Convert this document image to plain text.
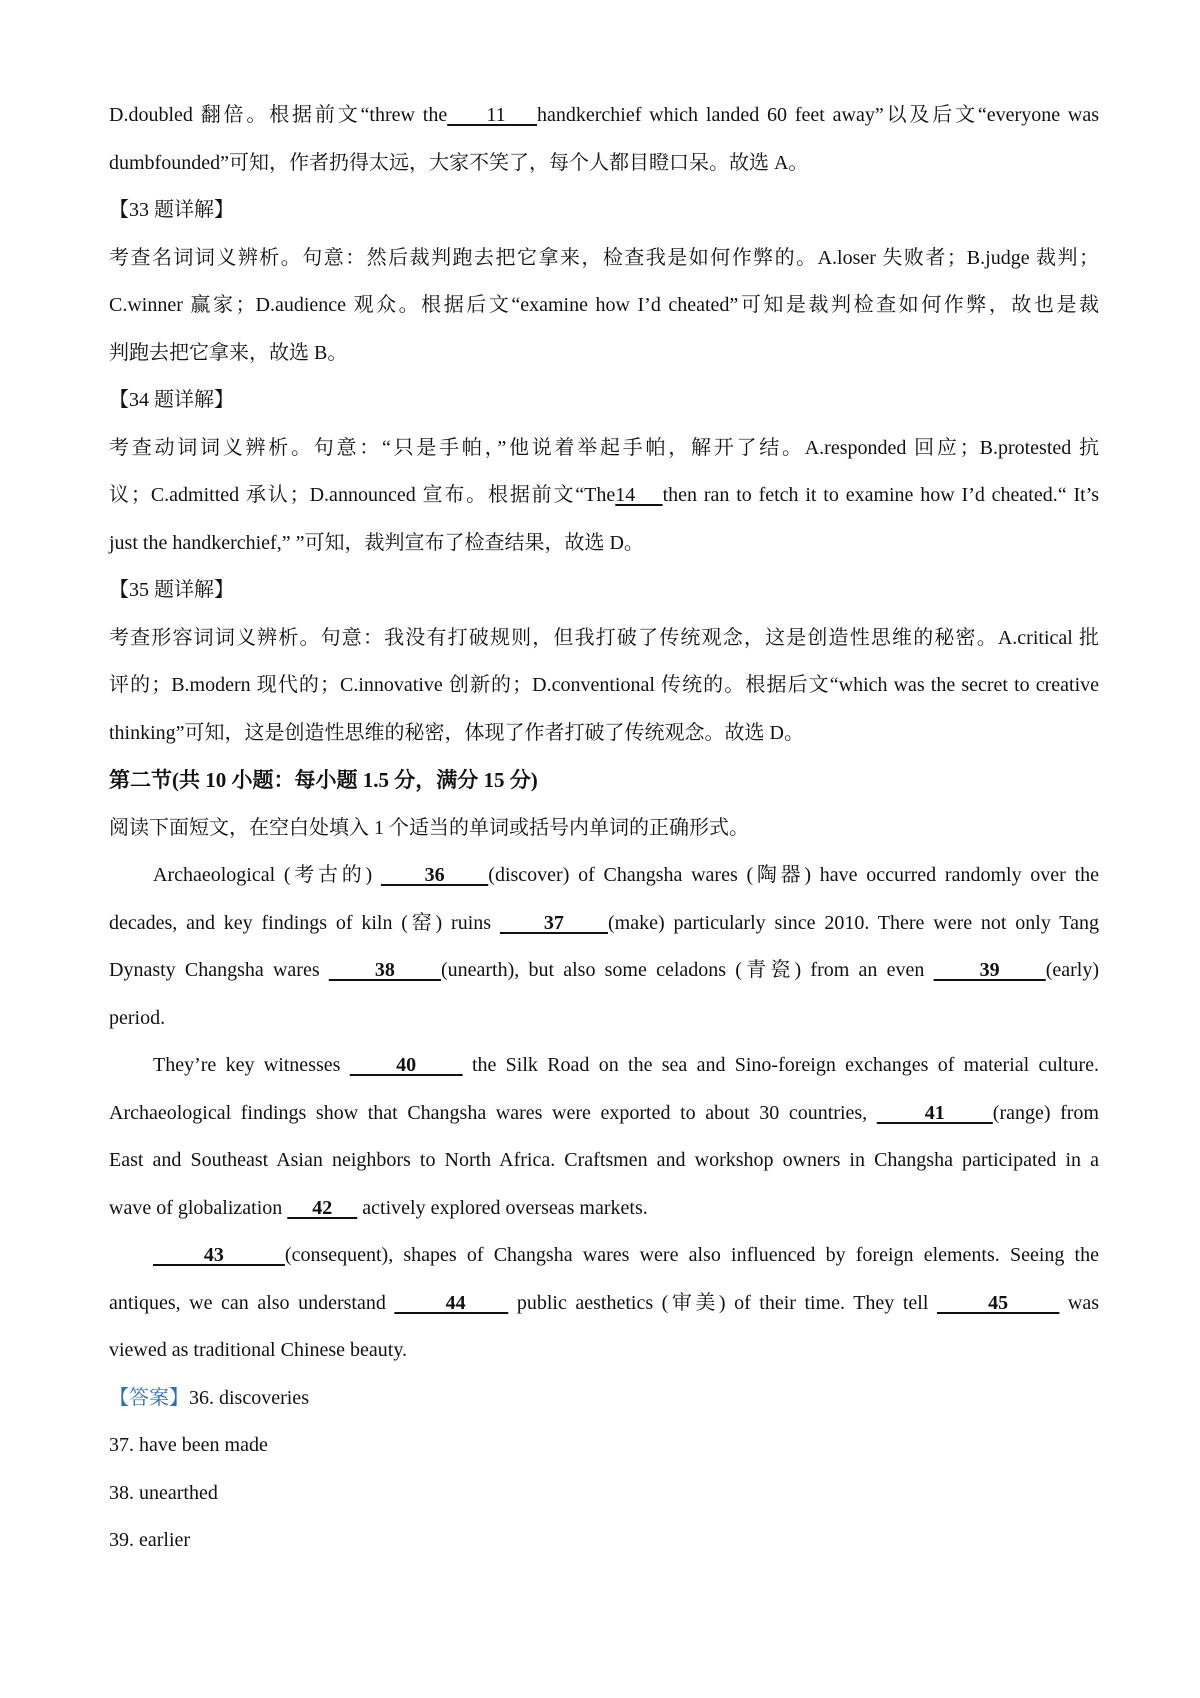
D.doubled 翻倍。根据前文“threw the     11    handkerchief which landed 60 feet away”以及后文“everyone was
dumbfounded”可知，作者扔得太远，大家不笑了，每个人都目瞪口呆。故选 A。
【33 题详解】
考查名词词义辨析。句意：然后裁判跑去把它拿来，检查我是如何作弊的。A.loser 失败者；B.judge 裁判；
C.winner 赢家；D.audience 观众。根据后文“examine how I’d cheated”可知是裁判检查如何作弊，故也是裁
判跑去把它拿来，故选 B。
【34 题详解】
考查动词词义辨析。句意：“只是手帕，”他说着举起手帕，解开了结。A.responded 回应；B.protested 抗
议；C.admitted 承认；D.announced 宣布。根据前文“The14    then ran to fetch it to examine how I’d cheated.“ It’s
just the handkerchief,” ”可知，裁判宣布了检查结果，故选 D。
【35 题详解】
考查形容词词义辨析。句意：我没有打破规则，但我打破了传统观念，这是创造性思维的秘密。A.critical 批
评的；B.modern 现代的；C.innovative 创新的；D.conventional 传统的。根据后文“which was the secret to creative
thinking”可知，这是创造性思维的秘密，体现了作者打破了传统观念。故选 D。
第二节(共 10 小题：每小题 1.5 分，满分 15 分)
阅读下面短文，在空白处填入 1 个适当的单词或括号内单词的正确形式。
Archaeological (考古的)      36     (discover) of Changsha wares (陶器) have occurred randomly over the
decades, and key findings of kiln (窑) ruins      37     (make) particularly since 2010. There were not only Tang
Dynasty Changsha wares      38     (unearth), but also some celadons (青瓷) from an even      39     (early)
period.
They’re key witnesses      40      the Silk Road on the sea and Sino-foreign exchanges of material culture.
Archaeological findings show that Changsha wares were exported to about 30 countries,      41     (range) from
East and Southeast Asian neighbors to North Africa. Craftsmen and workshop owners in Changsha participated in a
wave of globalization      42      actively explored overseas markets.
43      (consequent), shapes of Changsha wares were also influenced by foreign elements. Seeing the
antiques, we can also understand       44      public aesthetics (审美) of their time. They tell       45       was
viewed as traditional Chinese beauty.
【答案】36. discoveries
37. have been made
38. unearthed
39. earlier
